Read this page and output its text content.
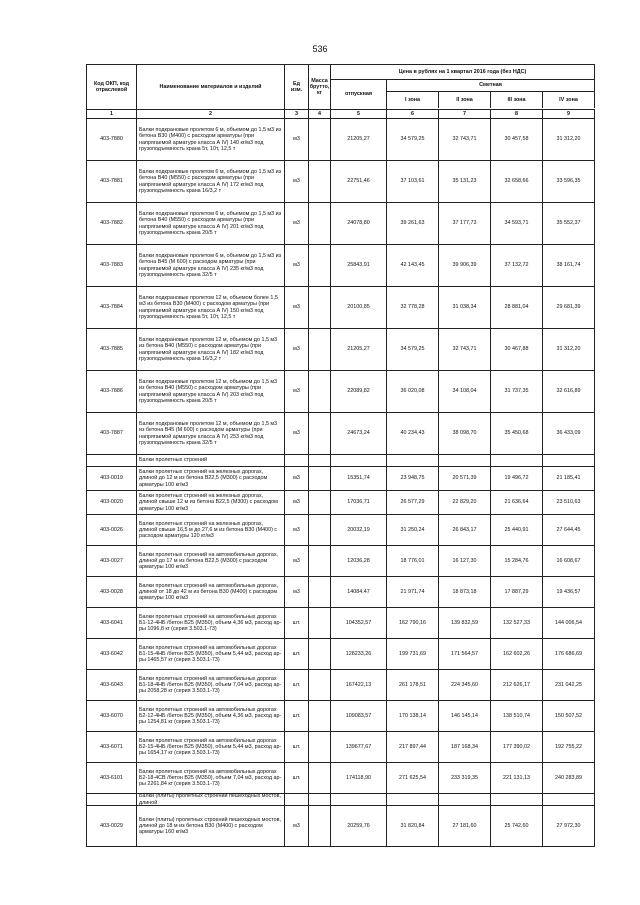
536
Код ОКП, код отраслевой
Наименование материалов и изделий
Ед изм.
Масса брутто, кг
Цена в рублях на 1 квартал 2016 года (без НДС)
отпускная
Сметная
I зона	II зона	III зона	IV зона
1	2	3	4	5	6	7	8	9
403-7880
Балки подкрановые пролетом 6 м, объемом до 1,5 м3 из бетона В30 (М400) с расходом арматуры (при напрягаемой арматуре класса А IV) 140 кг/м3 под грузоподъемность крана 5т, 10т, 12,5 т
м3	21205,27	34 579,25	32 743,71	30 457,58	31 312,20
403-7881
Балки подкрановые пролетом 6 м, объемом до 1,5 м3 из бетона В40 (М550) с расходом арматуры (при напрягаемой арматуре класса А IV) 172 кг/м3 под грузоподъемность крана 16/3,2 т
м3	22751,46	37 103,61	35 131,23	32 658,66	33 596,35
403-7882
Балки подкрановые пролетом 6 м, объемом до 1,5 м3 из бетона В40 (М550) с расходом арматуры (при напрягаемой арматуре класса А IV) 201 кг/м3 под грузоподъемность крана 20/5 т
м3	24078,80	39 261,63	37 177,73	34 593,71	35 552,37
403-7883
Балки подкрановые пролетом 6 м, объемом до 1,5 м3 из бетона В45 (М 600) с расходом арматуры (при напрягаемой арматуре класса А IV) 235 кг/м3 под грузоподъемность крана 32/5 т
м3	25843,91	42 143,45	39 906,39	37 132,72	38 161,74
403-7884
Балки подкрановые пролетом 12 м, объемом более 1,5 м3 из бетона В30 (М400) с расходом арматуры (при напрягаемой арматуре класса А IV) 150 кг/м3 под грузоподъемность крана 5т, 10т, 12,5 т
м3	20100,85	32 778,28	31 038,34	28 881,04	29 681,39
403-7885
Балки подкрановые пролетом 12 м, объемом до 1,5 м3 из бетона В40 (М550) с расходом арматуры (при напрягаемой арматуре класса А IV) 182 кг/м3 под грузоподъемность крана 16/3,2 т
м3	21205,27	34 579,25	32 743,71	30 467,88	31 312,20
403-7886
Балки подкрановые пролетом 12 м, объемом до 1,5 м3 из бетона В40 (М550) с расходом арматуры (при напрягаемой арматуре класса А IV) 203 кг/м3 под грузоподъемность крана 20/5 т
м3	22089,82	36 020,08	34 108,04	31 737,35	32 616,89
403-7887
Балки подкрановые пролетом 12 м, объемом до 1,5 м3 из бетона В45 (М 600) с расходом арматуры (при напрягаемой арматуре класса А IV) 253 кг/м3 под грузоподъемность крана 32/5 т
м3	24673,24	40 234,43	38 098,70	35 450,68	36 433,09
Балки пролетных строений
403-0019
Балки пролетных строений на железных дорогах, длиной до 12 м из бетона В22,5 (М300) с расходом арматуры 100 кг/м3
м3	15351,74	23 948,75	20 571,39	19 496,72	21 185,41
403-0020
Балки пролетных строений на железных дорогах, длиной свыше 12 м из бетона В22,5 (М300) с расходом арматуры 100 кг/м3
м3	17036,71	26 577,29	22 829,20	21 636,64	23 510,63
403-0026
Балки пролетных строений на железных дорогах, длиной свыше 16,5 м до 27,6 м из бетона В30 (М400) с расходом арматуры 120 кг/м3
м3	20032,19	31 250,24	26 843,17	25 440,91	27 644,45
403-0027
Балки пролетных строений на автомобильных дорогах, длиной до 17 м из бетона В22,5 (М300) с расходом арматуры 100 кг/м3
м3	12036,28	18 776,01	16 127,30	15 284,76	16 608,67
403-0028
Балки пролетных строений на автомобильных дорогах, длиной от 18 до 42 м из бетона В30 (М400) с расходом арматуры 100 кг/м3
м3	14084,47	21 971,74	18 873,18	17 887,29	19 436,57
403-6041
Балки пролетных строений на автомобильных дорогах Б1-12-4НБ /бетон В25 (М350), объем 4,36 м3, расход ар-ры 1096,8 кг (серия 3.503.1-73)
шт.	104352,57	162 790,16	139 832,59	132 527,33	144 006,54
403-6042
Балки пролетных строений на автомобильных дорогах Б1-15-4НБ /бетон В25 (М350), объем 5,44 м3, расход ар-ры 1465,57 кг (серия 3.503.1-73)
шт.	128233,26	199 731,69	171 564,57	162 602,26	176 686,69
403-6043
Балки пролетных строений на автомобильных дорогах Б1-18-4НБ /бетон В25 (М350), объем 7,04 м3, расход ар-ры 2058,28 кг (серия 3.503.1-73)
шт.	167422,13	261 178,51	224 345,60	212 626,17	231 042,25
403-6070
Балки пролетных строений на автомобильных дорогах Б2-12-4НБ /бетон В25 (М350), объем 4,36 м3, расход ар-ры 1254,81 кг (серия 3.503.1-73)
шт.	109083,57	170 138,14	146 145,14	138 510,74	150 507,52
403-6071
Балки пролетных строений на автомобильных дорогах Б2-15-4НБ /бетон В25 (М350), объем 5,44 м3, расход ар-ры 1654,17 кг (серия 3.503.1-73)
шт.	139677,67	217 897,44	187 168,34	177 390,02	192 755,22
403-6101
Балки пролетных строений на автомобильных дорогах Б2-18-4СВ /бетон В25 (М350), объем 7,04 м3, расход ар-ры 2261,84 кг (серия 3.503.1-73)
шт.	174118,90	271 625,54	233 319,35	221 131,13	240 283,89
Балки (плиты) пролетных строений пешеходных мостов, длиной
403-0029
Балки (плиты) пролетных строений пешеходных мостов, длиной до 18 м из бетона В30 (М400) с расходом арматуры 160 кг/м3
м3	20259,76	31 820,84	27 181,60	25 742,60	27 972,30
